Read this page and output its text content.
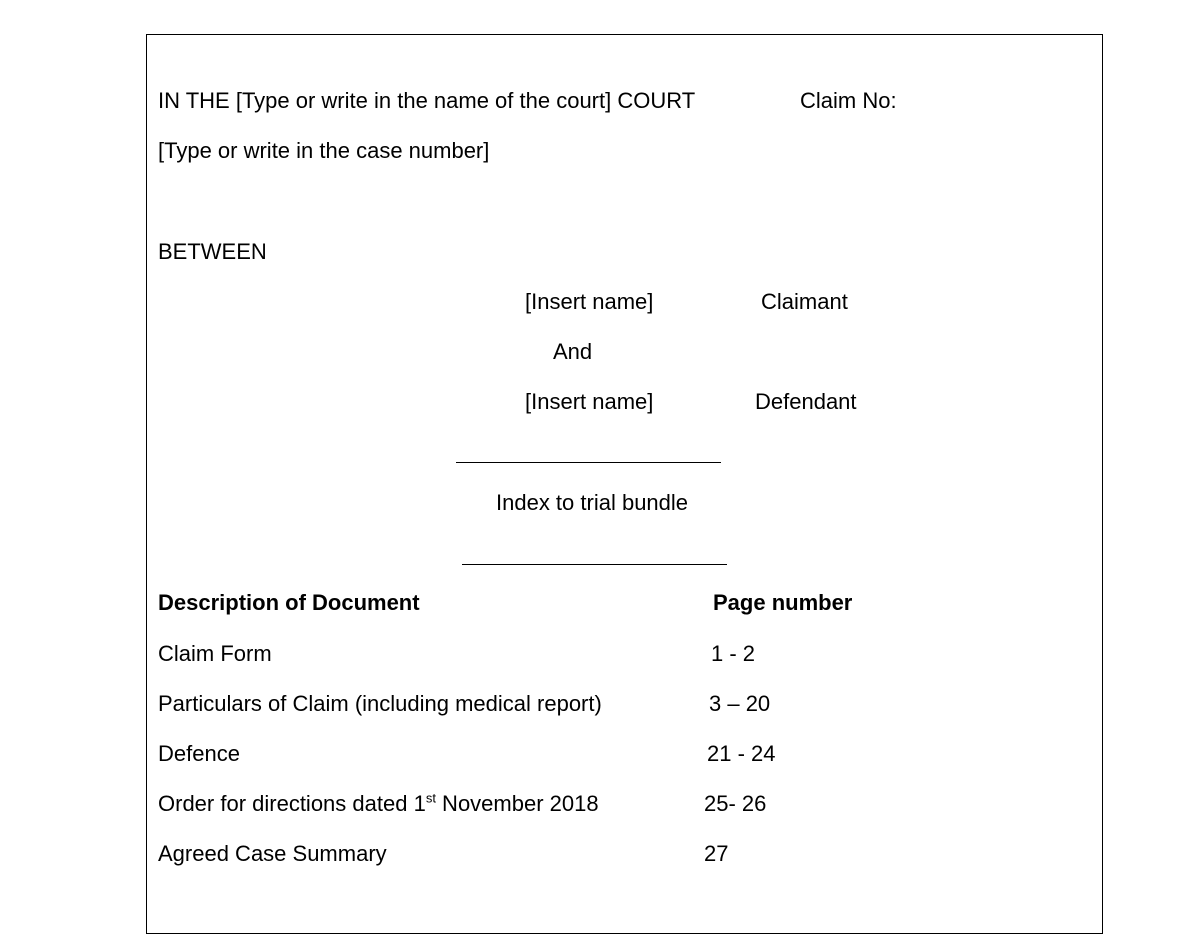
IN THE [Type or write in the name of the court] COURT	Claim No:
[Type or write in the case number]
BETWEEN
[Insert name]	Claimant
And
[Insert name]	Defendant
Index to trial bundle
Description of Document	Page number
Claim Form	1 - 2
Particulars of Claim (including medical report)	3 – 20
Defence	21 - 24
Order for directions dated 1st November 2018	25- 26
Agreed Case Summary	27
